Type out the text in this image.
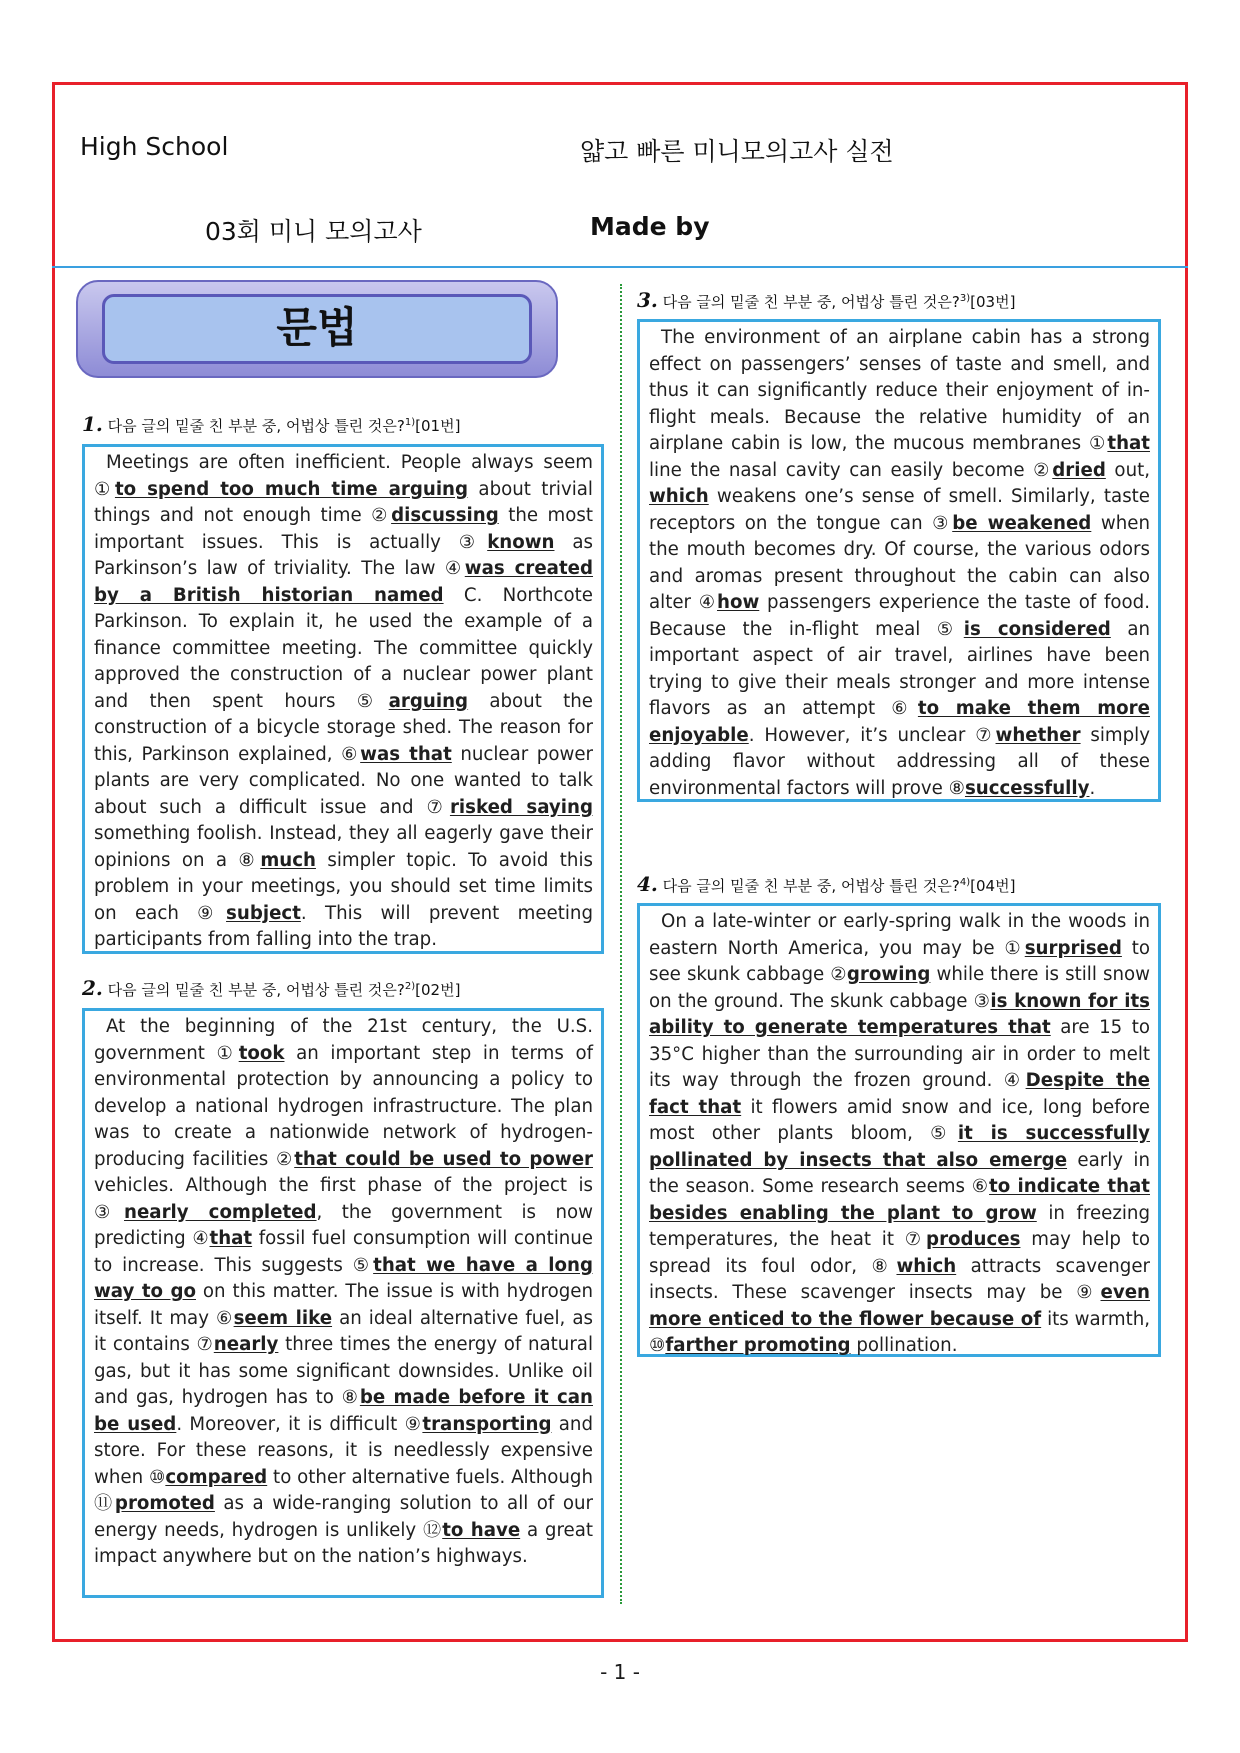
High School	얇고 빠른 미니모의고사 실전
03회 미니 모의고사	Made by
문법
1. 다음 글의 밑줄 친 부분 중, 어법상 틀린 것은?$^{1)}$[01번]

Meetings are often inefficient. People always seem ①to spend too much time arguing about trivial things and not enough time ②discussing the most important issues. This is actually ③known as Parkinson’s law of triviality. The law ④was created by a British historian named C. Northcote Parkinson. To explain it, he used the example of a finance committee meeting. The committee quickly approved the construction of a nuclear power plant and then spent hours ⑤arguing about the construction of a bicycle storage shed. The reason for this, Parkinson explained, ⑥was that nuclear power plants are very complicated. No one wanted to talk about such a difficult issue and ⑦risked saying something foolish. Instead, they all eagerly gave their opinions on a ⑧much simpler topic. To avoid this problem in your meetings, you should set time limits on each ⑨subject. This will prevent meeting participants from falling into the trap.

2. 다음 글의 밑줄 친 부분 중, 어법상 틀린 것은?$^{2)}$[02번]

At the beginning of the 21st century, the U.S. government ①took an important step in terms of environmental protection by announcing a policy to develop a national hydrogen infrastructure. The plan was to create a nationwide network of hydrogen-producing facilities ②that could be used to power vehicles. Although the first phase of the project is ③nearly completed, the government is now predicting ④that fossil fuel consumption will continue to increase. This suggests ⑤that we have a long way to go on this matter. The issue is with hydrogen itself. It may ⑥seem like an ideal alternative fuel, as it contains ⑦nearly three times the energy of natural gas, but it has some significant downsides. Unlike oil and gas, hydrogen has to ⑧be made before it can be used. Moreover, it is difficult ⑨transporting and store. For these reasons, it is needlessly expensive when ⑩compared to other alternative fuels. Although ⑪promoted as a wide-ranging solution to all of our energy needs, hydrogen is unlikely ⑫to have a great impact anywhere but on the nation’s highways.

3. 다음 글의 밑줄 친 부분 중, 어법상 틀린 것은?$^{3)}$[03번]

The environment of an airplane cabin has a strong effect on passengers’ senses of taste and smell, and thus it can significantly reduce their enjoyment of in-flight meals. Because the relative humidity of an airplane cabin is low, the mucous membranes ①that line the nasal cavity can easily become ②dried out, which weakens one’s sense of smell. Similarly, taste receptors on the tongue can ③be weakened when the mouth becomes dry. Of course, the various odors and aromas present throughout the cabin can also alter ④how passengers experience the taste of food. Because the in-flight meal ⑤is considered an important aspect of air travel, airlines have been trying to give their meals stronger and more intense flavors as an attempt ⑥to make them more enjoyable. However, it’s unclear ⑦whether simply adding flavor without addressing all of these environmental factors will prove ⑧successfully.

4. 다음 글의 밑줄 친 부분 중, 어법상 틀린 것은?$^{4)}$[04번]

On a late-winter or early-spring walk in the woods in eastern North America, you may be ①surprised to see skunk cabbage ②growing while there is still snow on the ground. The skunk cabbage ③is known for its ability to generate temperatures that are 15 to 35°C higher than the surrounding air in order to melt its way through the frozen ground. ④Despite the fact that it flowers amid snow and ice, long before most other plants bloom, ⑤it is successfully pollinated by insects that also emerge early in the season. Some research seems ⑥to indicate that besides enabling the plant to grow in freezing temperatures, the heat it ⑦produces may help to spread its foul odor, ⑧which attracts scavenger insects. These scavenger insects may be ⑨even more enticed to the flower because of its warmth, ⑩farther promoting pollination.

- 1 -
